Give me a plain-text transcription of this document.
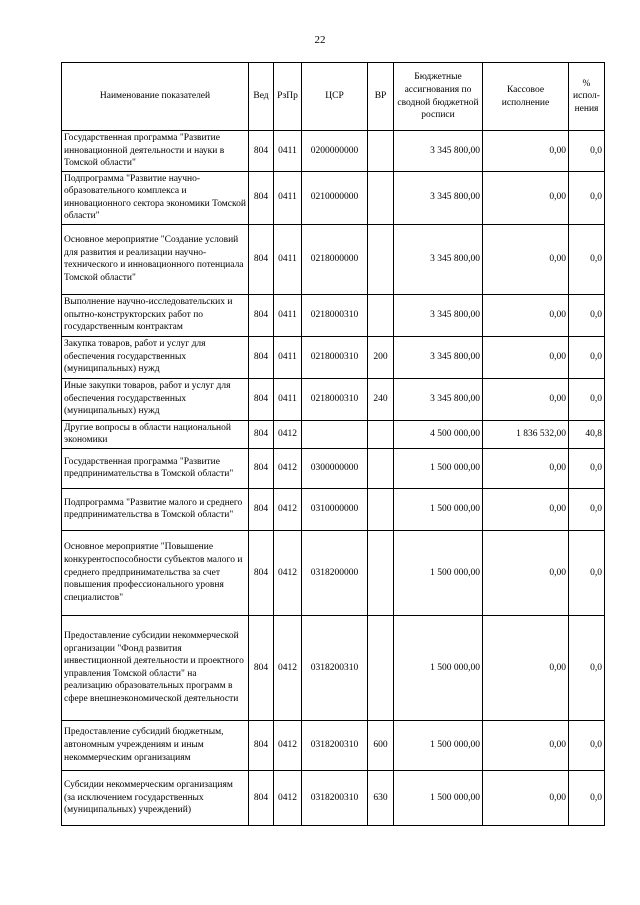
22
Наименование показателей	Вед	РзПр	ЦСР	ВР	Бюджетные ассигнования по сводной бюджетной росписи	Кассовое исполнение	% испол-нения
Государственная программа "Развитие инновационной деятельности и науки в Томской области"	804	0411	0200000000		3 345 800,00	0,00	0,0
Подпрограмма "Развитие научно-образовательного комплекса и инновационного сектора экономики Томской области"	804	0411	0210000000		3 345 800,00	0,00	0,0
Основное мероприятие "Создание условий для развития и реализации научно-технического и инновационного потенциала Томской области"	804	0411	0218000000		3 345 800,00	0,00	0,0
Выполнение научно-исследовательских и опытно-конструкторских работ по государственным контрактам	804	0411	0218000310		3 345 800,00	0,00	0,0
Закупка товаров, работ и услуг для обеспечения государственных (муниципальных) нужд	804	0411	0218000310	200	3 345 800,00	0,00	0,0
Иные закупки товаров, работ и услуг для обеспечения государственных (муниципальных) нужд	804	0411	0218000310	240	3 345 800,00	0,00	0,0
Другие вопросы в области национальной экономики	804	0412			4 500 000,00	1 836 532,00	40,8
Государственная программа "Развитие предпринимательства в Томской области"	804	0412	0300000000		1 500 000,00	0,00	0,0
Подпрограмма "Развитие малого и среднего предпринимательства в Томской области"	804	0412	0310000000		1 500 000,00	0,00	0,0
Основное мероприятие "Повышение конкурентоспособности субъектов малого и среднего предпринимательства за счет повышения профессионального уровня специалистов"	804	0412	0318200000		1 500 000,00	0,00	0,0
Предоставление субсидии некоммерческой организации "Фонд развития инвестиционной деятельности и проектного управления Томской области" на реализацию образовательных программ в сфере внешнеэкономической деятельности	804	0412	0318200310		1 500 000,00	0,00	0,0
Предоставление субсидий бюджетным, автономным учреждениям и иным некоммерческим организациям	804	0412	0318200310	600	1 500 000,00	0,00	0,0
Субсидии некоммерческим организациям (за исключением государственных (муниципальных) учреждений)	804	0412	0318200310	630	1 500 000,00	0,00	0,0
